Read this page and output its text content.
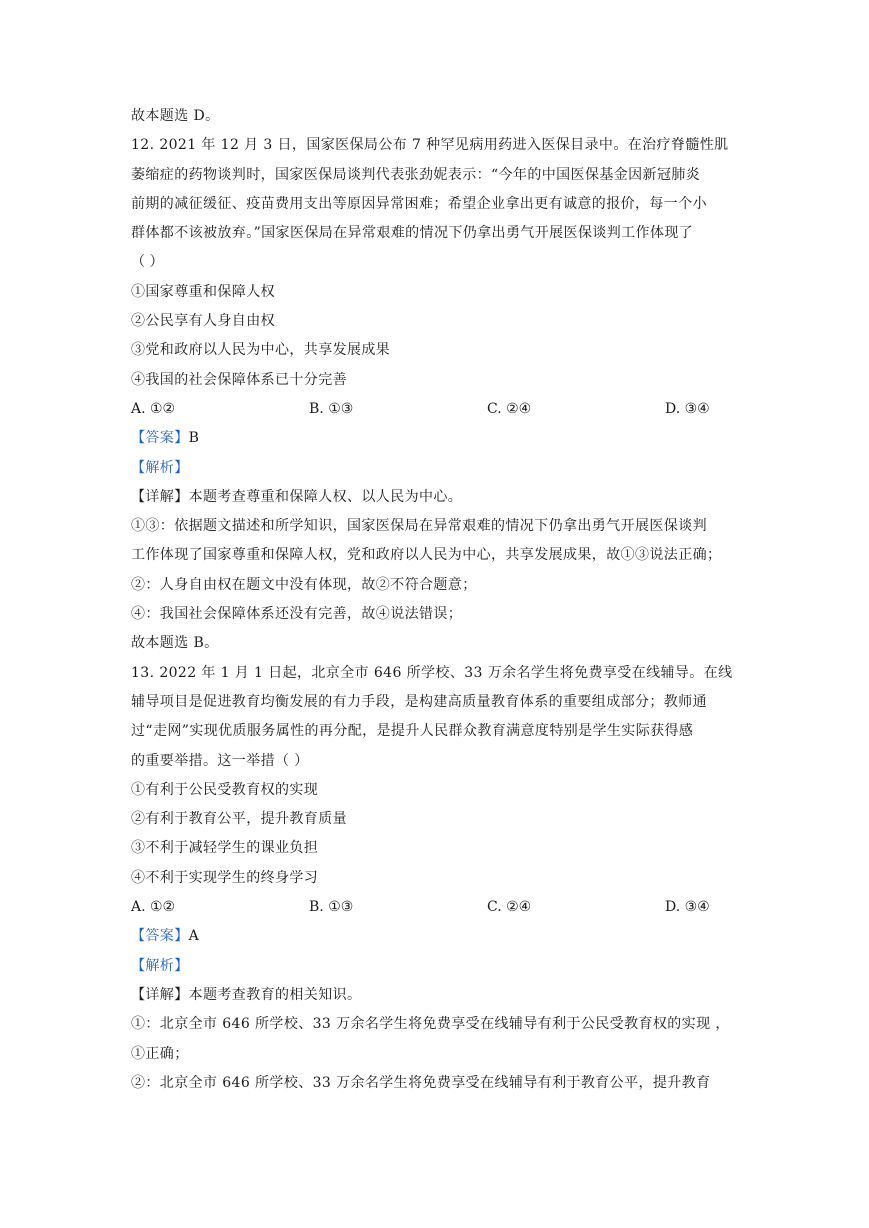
故本题选 D。
12. 2021 年 12 月 3 日，国家医保局公布 7 种罕见病用药进入医保目录中。在治疗脊髓性肌
萎缩症的药物谈判时，国家医保局谈判代表张劲妮表示：“今年的中国医保基金因新冠肺炎
前期的减征缓征、疫苗费用支出等原因异常困难；希望企业拿出更有诚意的报价，每一个小
群体都不该被放弃。”国家医保局在异常艰难的情况下仍拿出勇气开展医保谈判工作体现了
（ ）
①国家尊重和保障人权
②公民享有人身自由权
③党和政府以人民为中心，共享发展成果
④我国的社会保障体系已十分完善
A. ①②	B. ①③	C. ②④	D. ③④
【答案】B
【解析】
【详解】本题考查尊重和保障人权、以人民为中心。
①③：依据题文描述和所学知识，国家医保局在异常艰难的情况下仍拿出勇气开展医保谈判
工作体现了国家尊重和保障人权，党和政府以人民为中心，共享发展成果，故①③说法正确；
②：人身自由权在题文中没有体现，故②不符合题意；
④：我国社会保障体系还没有完善，故④说法错误；
故本题选 B。
13. 2022 年 1 月 1 日起，北京全市 646 所学校、33 万余名学生将免费享受在线辅导。在线
辅导项目是促进教育均衡发展的有力手段，是构建高质量教育体系的重要组成部分；教师通
过“走网”实现优质服务属性的再分配，是提升人民群众教育满意度特别是学生实际获得感
的重要举措。这一举措（ ）
①有利于公民受教育权的实现
②有利于教育公平，提升教育质量
③不利于减轻学生的课业负担
④不利于实现学生的终身学习
A. ①②	B. ①③	C. ②④	D. ③④
【答案】A
【解析】
【详解】本题考查教育的相关知识。
①：北京全市 646 所学校、33 万余名学生将免费享受在线辅导有利于公民受教育权的实现 ，
①正确；
②：北京全市 646 所学校、33 万余名学生将免费享受在线辅导有利于教育公平，提升教育
